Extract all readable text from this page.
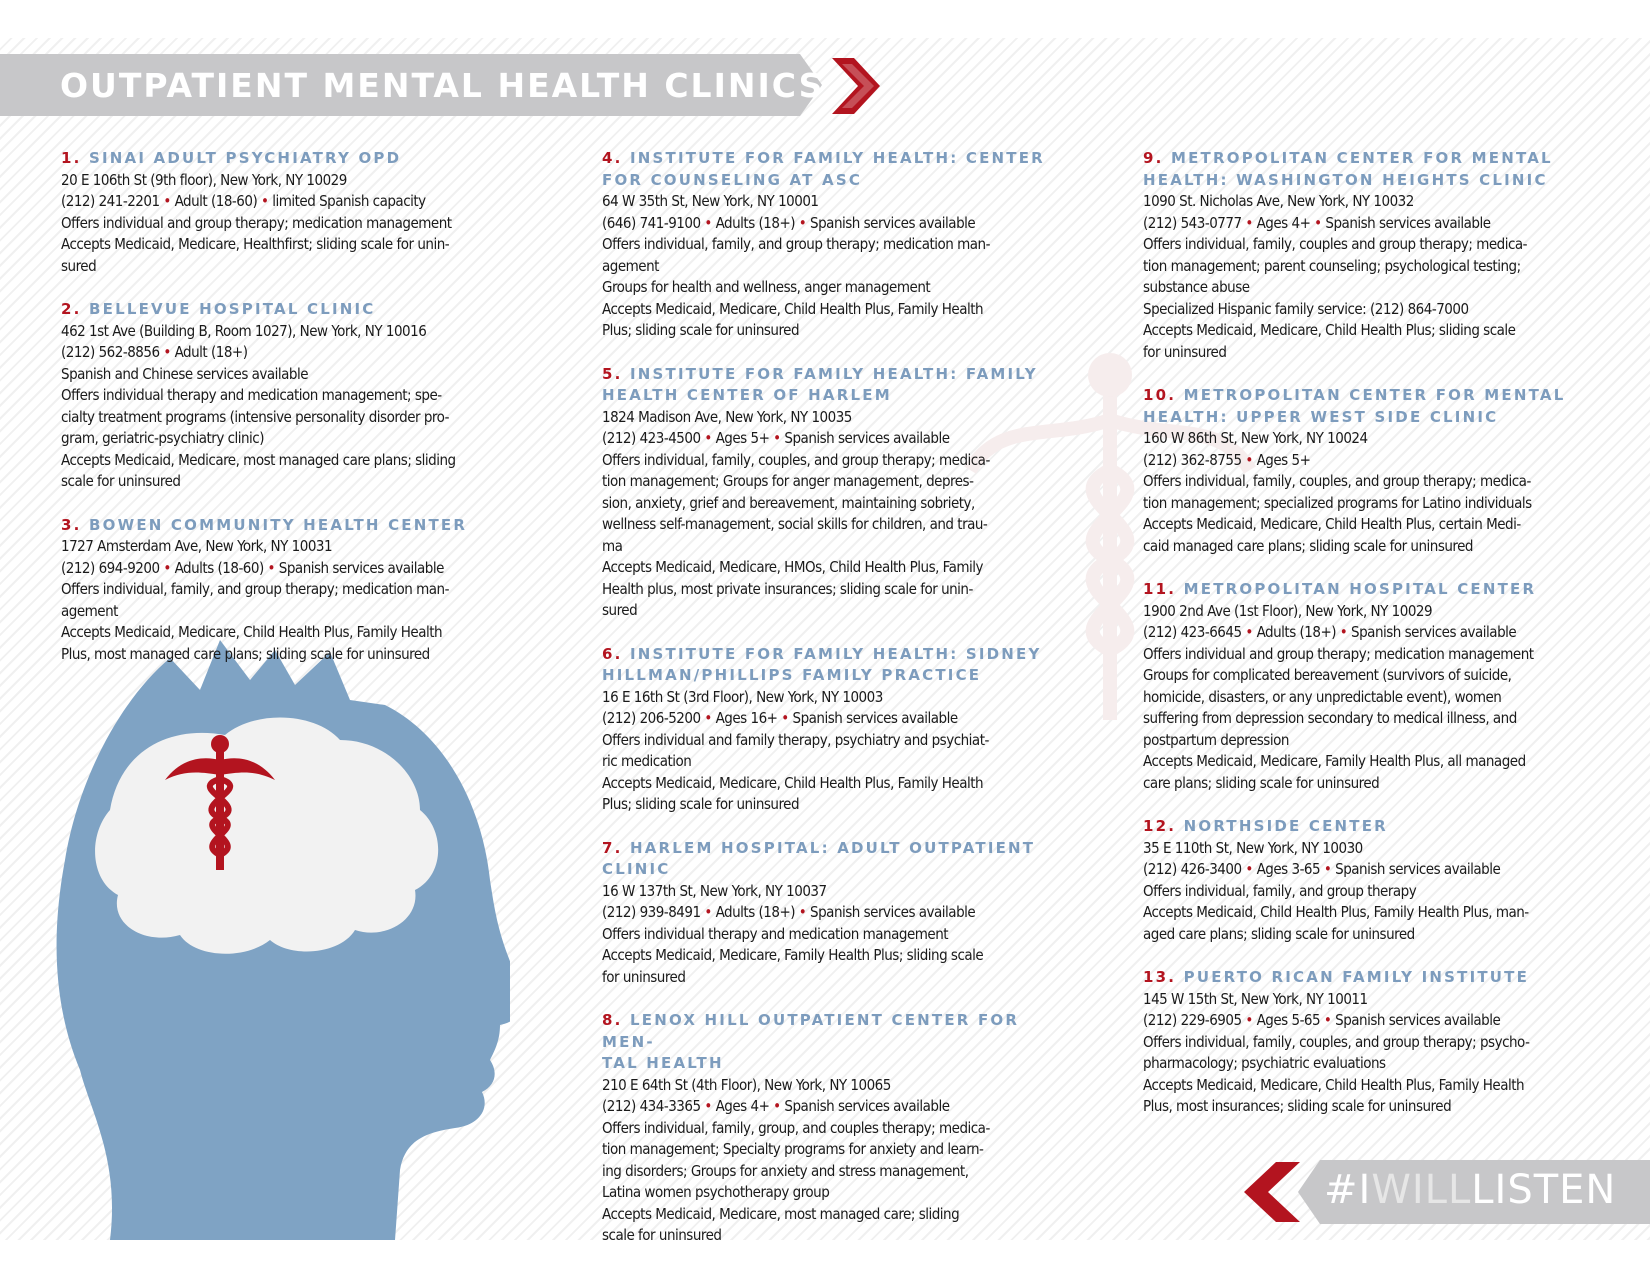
OUTPATIENT MENTAL HEALTH CLINICS
1. SINAI ADULT PSYCHIATRY OPD
20 E 106th St (9th floor), New York, NY 10029
(212) 241-2201 • Adult (18-60) • limited Spanish capacity
Offers individual and group therapy; medication management
Accepts Medicaid, Medicare, Healthfirst; sliding scale for unin-
sured
2. BELLEVUE HOSPITAL CLINIC
462 1st Ave (Building B, Room 1027), New York, NY 10016
(212) 562-8856 • Adult (18+)
Spanish and Chinese services available
Offers individual therapy and medication management; spe-
cialty treatment programs (intensive personality disorder pro-
gram, geriatric-psychiatry clinic)
Accepts Medicaid, Medicare, most managed care plans; sliding
scale for uninsured
3. BOWEN COMMUNITY HEALTH CENTER
1727 Amsterdam Ave, New York, NY 10031
(212) 694-9200 • Adults (18-60) • Spanish services available
Offers individual, family, and group therapy; medication man-
agement
Accepts Medicaid, Medicare, Child Health Plus, Family Health
Plus, most managed care plans; sliding scale for uninsured
4. INSTITUTE FOR FAMILY HEALTH: CENTER
FOR COUNSELING AT ASC
64 W 35th St, New York, NY 10001
(646) 741-9100 • Adults (18+) • Spanish services available
Offers individual, family, and group therapy; medication man-
agement
Groups for health and wellness, anger management
Accepts Medicaid, Medicare, Child Health Plus, Family Health
Plus; sliding scale for uninsured
5. INSTITUTE FOR FAMILY HEALTH: FAMILY
HEALTH CENTER OF HARLEM
1824 Madison Ave, New York, NY 10035
(212) 423-4500 • Ages 5+ • Spanish services available
Offers individual, family, couples, and group therapy; medica-
tion management; Groups for anger management, depres-
sion, anxiety, grief and bereavement, maintaining sobriety,
wellness self-management, social skills for children, and trau-
ma
Accepts Medicaid, Medicare, HMOs, Child Health Plus, Family
Health plus, most private insurances; sliding scale for unin-
sured
6. INSTITUTE FOR FAMILY HEALTH: SIDNEY
HILLMAN/PHILLIPS FAMILY PRACTICE
16 E 16th St (3rd Floor), New York, NY 10003
(212) 206-5200 • Ages 16+ • Spanish services available
Offers individual and family therapy, psychiatry and psychiat-
ric medication
Accepts Medicaid, Medicare, Child Health Plus, Family Health
Plus; sliding scale for uninsured
7. HARLEM HOSPITAL: ADULT OUTPATIENT
CLINIC
16 W 137th St, New York, NY 10037
(212) 939-8491 • Adults (18+) • Spanish services available
Offers individual therapy and medication management
Accepts Medicaid, Medicare, Family Health Plus; sliding scale
for uninsured
8. LENOX HILL OUTPATIENT CENTER FOR MEN-
TAL HEALTH
210 E 64th St (4th Floor), New York, NY 10065
(212) 434-3365 • Ages 4+ • Spanish services available
Offers individual, family, group, and couples therapy; medica-
tion management; Specialty programs for anxiety and learn-
ing disorders; Groups for anxiety and stress management,
Latina women psychotherapy group
Accepts Medicaid, Medicare, most managed care; sliding
scale for uninsured
9. METROPOLITAN CENTER FOR MENTAL
HEALTH: WASHINGTON HEIGHTS CLINIC
1090 St. Nicholas Ave, New York, NY 10032
(212) 543-0777 • Ages 4+ • Spanish services available
Offers individual, family, couples and group therapy; medica-
tion management; parent counseling; psychological testing;
substance abuse
Specialized Hispanic family service: (212) 864-7000
Accepts Medicaid, Medicare, Child Health Plus; sliding scale
for uninsured
10. METROPOLITAN CENTER FOR MENTAL
HEALTH: UPPER WEST SIDE CLINIC
160 W 86th St, New York, NY 10024
(212) 362-8755 • Ages 5+
Offers individual, family, couples, and group therapy; medica-
tion management; specialized programs for Latino individuals
Accepts Medicaid, Medicare, Child Health Plus, certain Medi-
caid managed care plans; sliding scale for uninsured
11. METROPOLITAN HOSPITAL CENTER
1900 2nd Ave (1st Floor), New York, NY 10029
(212) 423-6645 • Adults (18+) • Spanish services available
Offers individual and group therapy; medication management
Groups for complicated bereavement (survivors of suicide,
homicide, disasters, or any unpredictable event), women
suffering from depression secondary to medical illness, and
postpartum depression
Accepts Medicaid, Medicare, Family Health Plus, all managed
care plans; sliding scale for uninsured
12. NORTHSIDE CENTER
35 E 110th St, New York, NY 10030
(212) 426-3400 • Ages 3-65 • Spanish services available
Offers individual, family, and group therapy
Accepts Medicaid, Child Health Plus, Family Health Plus, man-
aged care plans; sliding scale for uninsured
13. PUERTO RICAN FAMILY INSTITUTE
145 W 15th St, New York, NY 10011
(212) 229-6905 • Ages 5-65 • Spanish services available
Offers individual, family, couples, and group therapy; psycho-
pharmacology; psychiatric evaluations
Accepts Medicaid, Medicare, Child Health Plus, Family Health
Plus, most insurances; sliding scale for uninsured
#IWILLLISTEN
